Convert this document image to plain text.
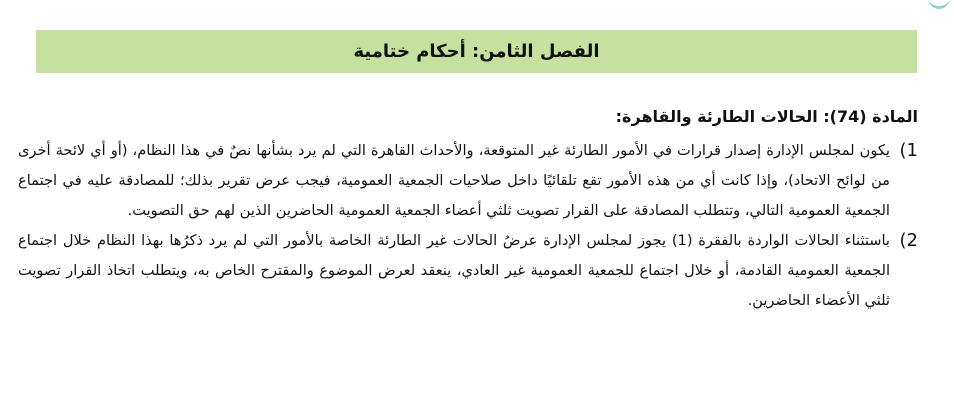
الفصل الثامن: أحكام ختامية
المادة (74): الحالات الطارئة والقاهرة:
1)
يكون لمجلس الإدارة إصدار قرارات في الأمور الطارئة غير المتوقعة، والأحداث القاهرة التي لم يرد بشأنها نصٌ في هذا النظام، (أو أي لائحة أخرى من لوائح الاتحاد)، وإذا كانت أي من هذه الأمور تقع تلقائيًا داخل صلاحيات الجمعية العمومية، فيجب عرض تقرير بذلك؛ للمصادقة عليه في اجتماع الجمعية العمومية التالي، وتتطلب المصادقة على القرار تصويت ثلثي أعضاء الجمعية العمومية الحاضرين الذين لهم حق التصويت.
2)
باستثناء الحالات الواردة بالفقرة (1) يجوز لمجلس الإدارة عرضُ الحالات غير الطارئة الخاصة بالأمور التي لم يرد ذكرُها بهذا النظام خلال اجتماع الجمعية العمومية القادمة، أو خلال اجتماع للجمعية العمومية غير العادي، ينعقد لعرض الموضوع والمقترح الخاص به، ويتطلب اتخاذ القرار تصويت ثلثي الأعضاء الحاضرين.
